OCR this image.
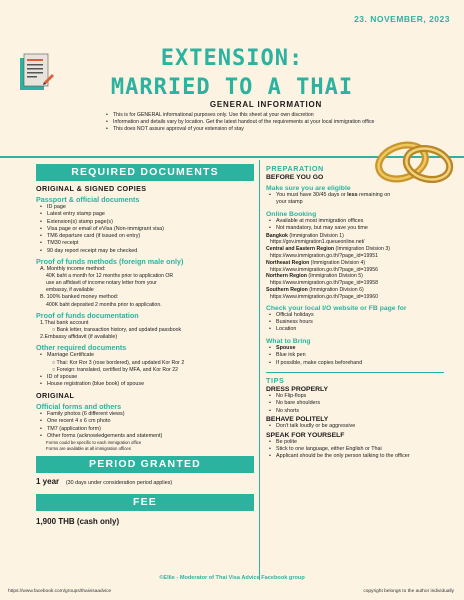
23. NOVEMBER, 2023
EXTENSION:
MARRIED TO A THAI
GENERAL INFORMATION
• This is for GENERAL informational purposes only. Use this sheet at your own discretion
• Information and details vary by location. Get the latest handout of the requirements at your local immigration office
• This does NOT assure approval of your extension of stay
REQUIRED DOCUMENTS
ORIGINAL & SIGNED COPIES
Passport & official documents
• ID page
• Latest entry stamp page
• Extension(s) stamp page(s)
• Visa page or email of eVisa (Non-immigrant visa)
• TM6 departure card (if issued on entry)
• TM30 receipt
• 90 day report receipt may be checked
Proof of funds methods (foreign male only)
A. Monthly income method:
40K baht a month for 12 months prior to application OR
use an affidavit of income notary letter from your
embassy, if available
B. 100% banked money method:
400K baht deposited 2 months prior to application.
Proof of funds documentation
1.Thai bank account
○ Bank letter, transaction history, and updated passbook
2.Embassy affidavit (if available)
Other required documents
• Marriage Certificate
○ Thai: Kor Ror 3 (rose bordered), and updated Kor Ror 2
○ Foreign: translated, certified by MFA, and Kor Ror 22
• ID of spouse
• House registration (blue book) of spouse
ORIGINAL
Official forms and others
• Family photos (6 different views)
• One recent 4 x 6 cm photo
• TM7 (application form)
• Other forms (acknowledgements and statement)
Forms could be specific to each immigration office
Forms are available at all immigration offices
PERIOD GRANTED
1 year (30 days under consideration period applies)
FEE
1,900 THB (cash only)
PREPARATION
BEFORE YOU GO
Make sure you are eligible
• You must have 30/45 days or less remaining on
your stamp
Online Booking
• Available at most immigration offices
• Not mandatory, but may save you time
Bangkok (Immigration Division 1)
https://gov.immigration1.queueonline.net/
Central and Eastern Region (Immigration Division 3)
https://www.immigration.go.th/?page_id=19951
Northeast Region (Immigration Division 4)
https://www.immigration.go.th/?page_id=19956
Northern Region (Immigration Division 5)
https://www.immigration.go.th/?page_id=19958
Southern Region (Immigration Division 6)
https://www.immigration.go.th/?page_id=19960
Check your local I/O website or FB page for
• Official holidays
• Business hours
• Location
What to Bring
• Spouse
• Blue ink pen
• If possible, make copies beforehand
TIPS
DRESS PROPERLY
• No Flip-flops
• No bare shoulders
• No shorts
BEHAVE POLITELY
• Don't talk loudly or be aggressive
SPEAK FOR YOURSELF
• Be polite
• Stick to one language, either English or Thai
• Applicant should be the only person talking to the officer
©Ellie - Moderator of Thai Visa Advice Facebook group
https://www.facebook.com/groups/thaivisaadvice	copyright belongs to the author individually
